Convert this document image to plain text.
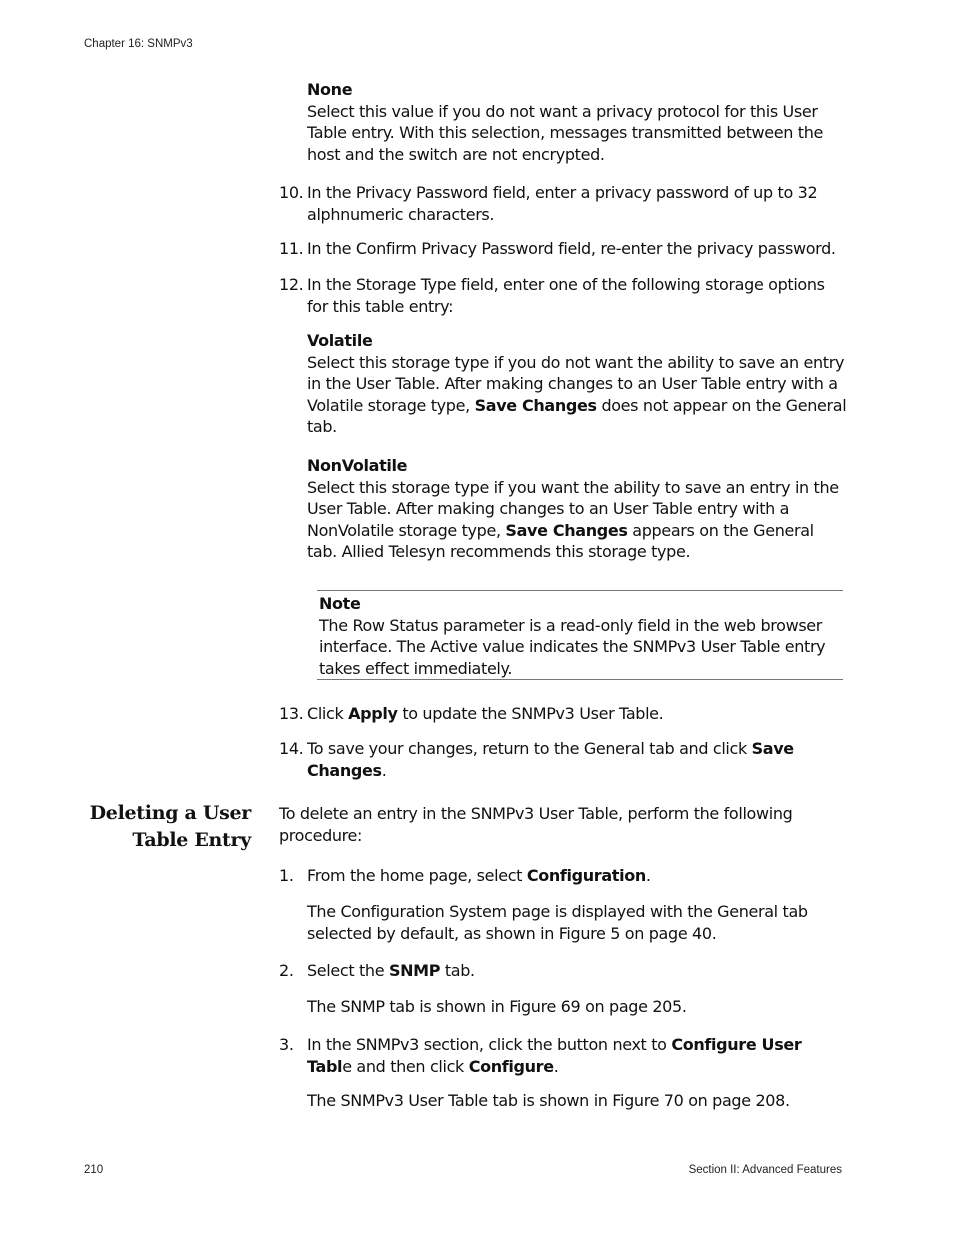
Chapter 16: SNMPv3
None
Select this value if you do not want a privacy protocol for this User Table entry. With this selection, messages transmitted between the host and the switch are not encrypted.
10. In the Privacy Password field, enter a privacy password of up to 32 alphnumeric characters.
11. In the Confirm Privacy Password field, re-enter the privacy password.
12. In the Storage Type field, enter one of the following storage options for this table entry:
Volatile
Select this storage type if you do not want the ability to save an entry in the User Table. After making changes to an User Table entry with a Volatile storage type, Save Changes does not appear on the General tab.
NonVolatile
Select this storage type if you want the ability to save an entry in the User Table. After making changes to an User Table entry with a NonVolatile storage type, Save Changes appears on the General tab. Allied Telesyn recommends this storage type.
Note
The Row Status parameter is a read-only field in the web browser interface. The Active value indicates the SNMPv3 User Table entry takes effect immediately.
13. Click Apply to update the SNMPv3 User Table.
14. To save your changes, return to the General tab and click Save Changes.
Deleting a User
Table Entry
To delete an entry in the SNMPv3 User Table, perform the following procedure:
1. From the home page, select Configuration.
The Configuration System page is displayed with the General tab selected by default, as shown in Figure 5 on page 40.
2. Select the SNMP tab.
The SNMP tab is shown in Figure 69 on page 205.
3. In the SNMPv3 section, click the button next to Configure User Table and then click Configure.
The SNMPv3 User Table tab is shown in Figure 70 on page 208.
210	Section II: Advanced Features
